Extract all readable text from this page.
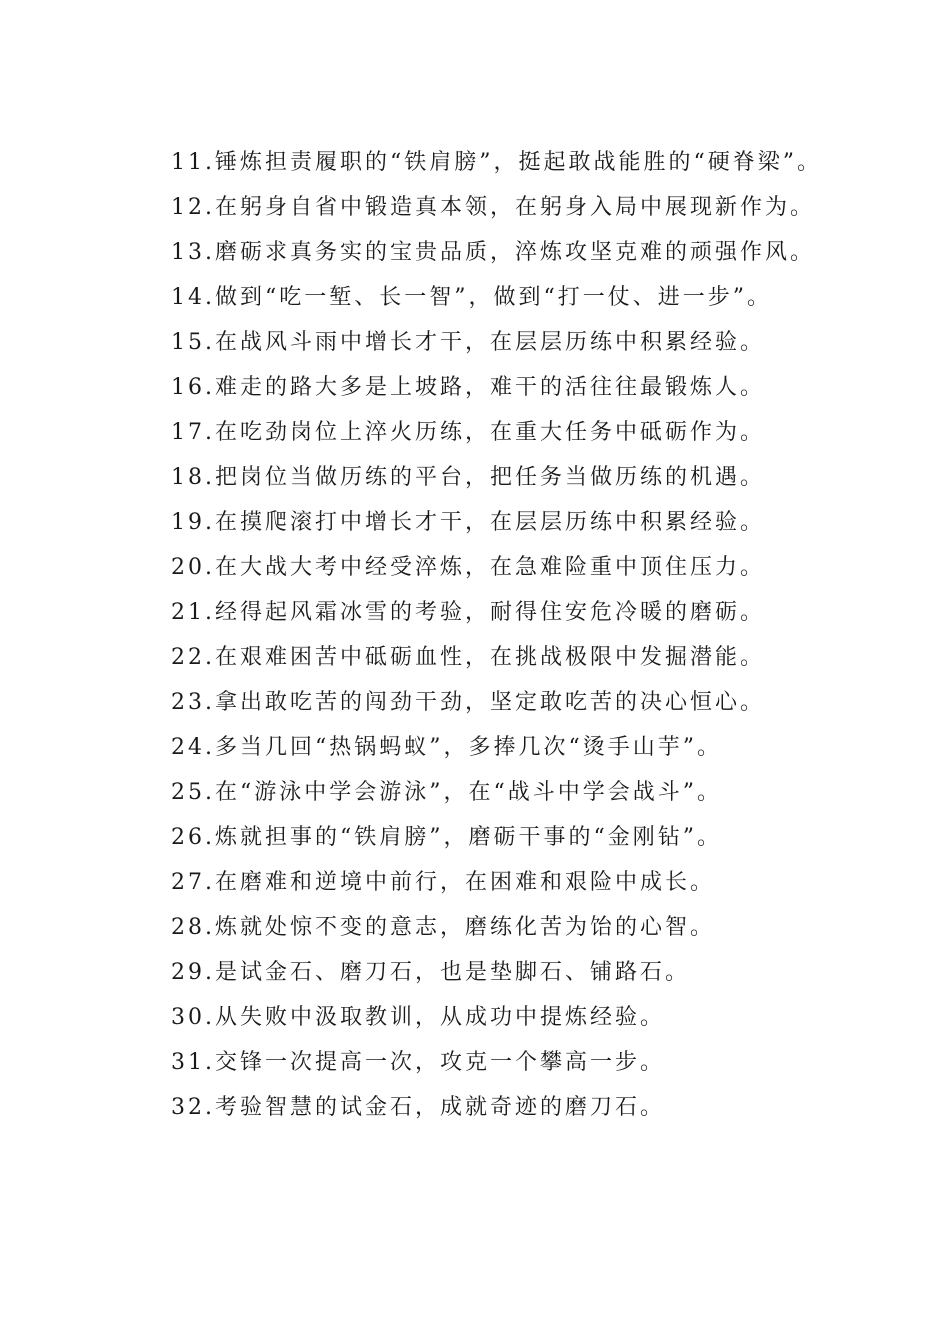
11.锤炼担责履职的“铁肩膀”，挺起敢战能胜的“硬脊梁”。

12.在躬身自省中锻造真本领，在躬身入局中展现新作为。

13.磨砺求真务实的宝贵品质，淬炼攻坚克难的顽强作风。

14.做到“吃一堑、长一智”，做到“打一仗、进一步”。

15.在战风斗雨中增长才干，在层层历练中积累经验。

16.难走的路大多是上坡路，难干的活往往最锻炼人。

17.在吃劲岗位上淬火历练，在重大任务中砥砺作为。

18.把岗位当做历练的平台，把任务当做历练的机遇。

19.在摸爬滚打中增长才干，在层层历练中积累经验。

20.在大战大考中经受淬炼，在急难险重中顶住压力。

21.经得起风霜冰雪的考验，耐得住安危冷暖的磨砺。

22.在艰难困苦中砥砺血性，在挑战极限中发掘潜能。

23.拿出敢吃苦的闯劲干劲，坚定敢吃苦的决心恒心。

24.多当几回“热锅蚂蚁”，多捧几次“烫手山芋”。

25.在“游泳中学会游泳”，在“战斗中学会战斗”。

26.炼就担事的“铁肩膀”，磨砺干事的“金刚钻”。

27.在磨难和逆境中前行，在困难和艰险中成长。

28.炼就处惊不变的意志，磨练化苦为饴的心智。

29.是试金石、磨刀石，也是垫脚石、铺路石。

30.从失败中汲取教训，从成功中提炼经验。

31.交锋一次提高一次，攻克一个攀高一步。

32.考验智慧的试金石，成就奇迹的磨刀石。
